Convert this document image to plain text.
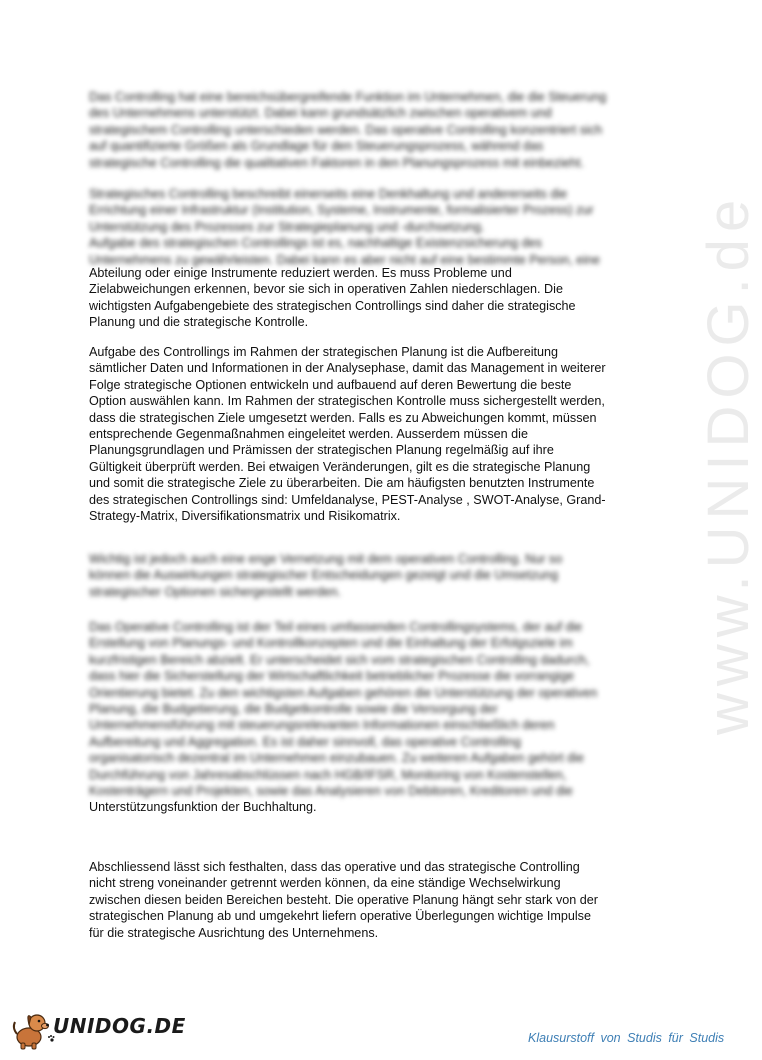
www.UNIDOG.de

Das Controlling hat eine bereichsübergreifende Funktion im Unternehmen, die die Steuerung
des Unternehmens unterstützt. Dabei kann grundsätzlich zwischen operativem und
strategischem Controlling unterschieden werden. Das operative Controlling konzentriert sich
auf quantifizierte Größen als Grundlage für den Steuerungsprozess, während das
strategische Controlling die qualitativen Faktoren in den Planungsprozess mit einbezieht.

Strategisches Controlling beschreibt einerseits eine Denkhaltung und andererseits die
Errichtung einer Infrastruktur (Institution, Systeme, Instrumente, formalisierter Prozess) zur
Unterstützung des Prozesses zur Strategieplanung und -durchsetzung.
Aufgabe des strategischen Controllings ist es, nachhaltige Existenzsicherung des
Unternehmens zu gewährleisten. Dabei kann es aber nicht auf eine bestimmte Person, eine

Abteilung oder einige Instrumente reduziert werden. Es muss Probleme und
Zielabweichungen erkennen, bevor sie sich in operativen Zahlen niederschlagen. Die
wichtigsten Aufgabengebiete des strategischen Controllings sind daher die strategische
Planung und die strategische Kontrolle.

Aufgabe des Controllings im Rahmen der strategischen Planung ist die Aufbereitung
sämtlicher Daten und Informationen in der Analysephase, damit das Management in weiterer
Folge strategische Optionen entwickeln und aufbauend auf deren Bewertung die beste
Option auswählen kann. Im Rahmen der strategischen Kontrolle muss sichergestellt werden,
dass die strategischen Ziele umgesetzt werden. Falls es zu Abweichungen kommt, müssen
entsprechende Gegenmaßnahmen eingeleitet werden. Ausserdem müssen die
Planungsgrundlagen und Prämissen der strategischen Planung regelmäßig auf ihre
Gültigkeit überprüft werden. Bei etwaigen Veränderungen, gilt es die strategische Planung
und somit die strategische Ziele zu überarbeiten. Die am häufigsten benutzten Instrumente
des strategischen Controllings sind: Umfeldanalyse, PEST-Analyse , SWOT-Analyse, Grand-
Strategy-Matrix, Diversifikationsmatrix und Risikomatrix.

Wichtig ist jedoch auch eine enge Vernetzung mit dem operativen Controlling. Nur so
können die Auswirkungen strategischer Entscheidungen gezeigt und die Umsetzung
strategischer Optionen sichergestellt werden.

Das Operative Controlling ist der Teil eines umfassenden Controllingsystems, der auf die
Erstellung von Planungs- und Kontrollkonzepten und die Einhaltung der Erfolgsziele im
kurzfristigen Bereich abzielt. Er unterscheidet sich vom strategischen Controlling dadurch,
dass hier die Sicherstellung der Wirtschaftlichkeit betrieblicher Prozesse die vorrangige
Orientierung bietet. Zu den wichtigsten Aufgaben gehören die Unterstützung der operativen
Planung, die Budgetierung, die Budgetkontrolle sowie die Versorgung der
Unternehmensführung mit steuerungsrelevanten Informationen einschließlich deren
Aufbereitung und Aggregation. Es ist daher sinnvoll, das operative Controlling
organisatorisch dezentral im Unternehmen einzubauen. Zu weiteren Aufgaben gehört die
Durchführung von Jahresabschlüssen nach HGB/IFSR, Monitoring von Kostenstellen,
Kostenträgern und Projekten, sowie das Analysieren von Debitoren, Kreditoren und die

Unterstützungsfunktion der Buchhaltung.

Abschliessend lässt sich festhalten, dass das operative und das strategische Controlling
nicht streng voneinander getrennt werden können, da eine ständige Wechselwirkung
zwischen diesen beiden Bereichen besteht. Die operative Planung hängt sehr stark von der
strategischen Planung ab und umgekehrt liefern operative Überlegungen wichtige Impulse
für die strategische Ausrichtung des Unternehmens.

UNIDOG.DE	Klausurstoff von Studis für Studis
